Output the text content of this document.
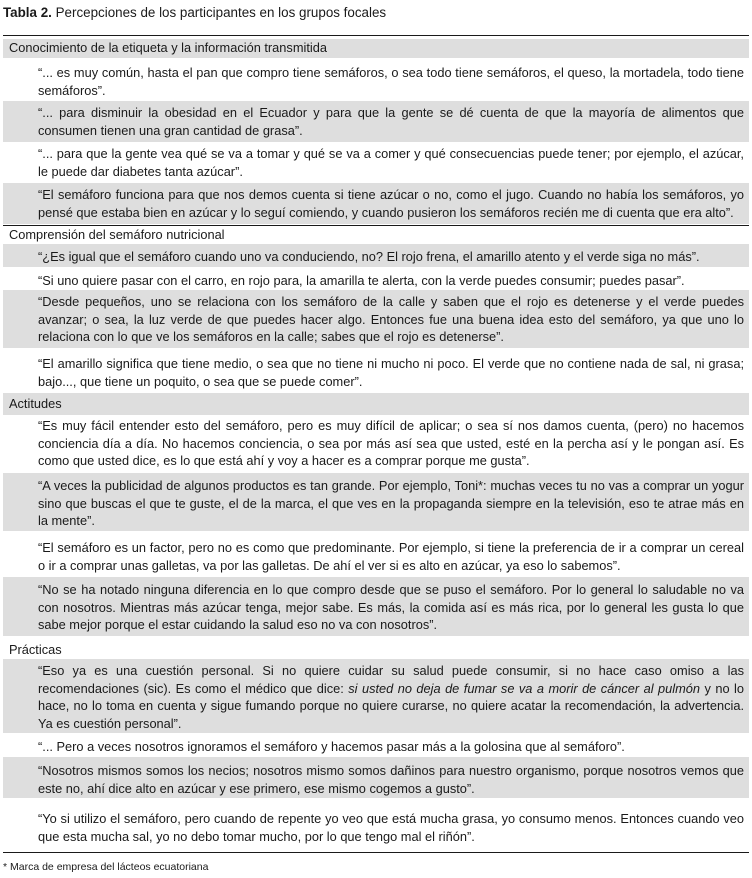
Tabla 2. Percepciones de los participantes en los grupos focales
Conocimiento de la etiqueta y la información transmitida
“... es muy común, hasta el pan que compro tiene semáforos, o sea todo tiene semáforos, el queso, la mortadela, todo tiene semáforos”.
“... para disminuir la obesidad en el Ecuador y para que la gente se dé cuenta de que la mayoría de alimentos que consumen tienen una gran cantidad de grasa”.
“... para que la gente vea qué se va a tomar y qué se va a comer y qué consecuencias puede tener; por ejemplo, el azúcar, le puede dar diabetes tanta azúcar”.
“El semáforo funciona para que nos demos cuenta si tiene azúcar o no, como el jugo. Cuando no había los semáforos, yo pensé que estaba bien en azúcar y lo seguí comiendo, y cuando pusieron los semáforos recién me di cuenta que era alto”.
Comprensión del semáforo nutricional
“¿Es igual que el semáforo cuando uno va conduciendo, no? El rojo frena, el amarillo atento y el verde siga no más”.
“Si uno quiere pasar con el carro, en rojo para, la amarilla te alerta, con la verde puedes consumir; puedes pasar”.
“Desde pequeños, uno se relaciona con los semáforo de la calle y saben que el rojo es detenerse y el verde puedes avanzar; o sea, la luz verde de que puedes hacer algo. Entonces fue una buena idea esto del semáforo, ya que uno lo relaciona con lo que ve los semáforos en la calle; sabes que el rojo es detenerse”.
“El amarillo significa que tiene medio, o sea que no tiene ni mucho ni poco. El verde que no contiene nada de sal, ni grasa; bajo..., que tiene un poquito, o sea que se puede comer”.
Actitudes
“Es muy fácil entender esto del semáforo, pero es muy difícil de aplicar; o sea sí nos damos cuenta, (pero) no hacemos conciencia día a día. No hacemos conciencia, o sea por más así sea que usted, esté en la percha así y le pongan así. Es como que usted dice, es lo que está ahí y voy a hacer es a comprar porque me gusta”.
“A veces la publicidad de algunos productos es tan grande. Por ejemplo, Toni*: muchas veces tu no vas a comprar un yogur sino que buscas el que te guste, el de la marca, el que ves en la propaganda siempre en la televisión, eso te atrae más en la mente”.
“El semáforo es un factor, pero no es como que predominante. Por ejemplo, si tiene la preferencia de ir a comprar un cereal o ir a comprar unas galletas, va por las galletas. De ahí el ver si es alto en azúcar, ya eso lo sabemos”.
“No se ha notado ninguna diferencia en lo que compro desde que se puso el semáforo. Por lo general lo saludable no va con nosotros. Mientras más azúcar tenga, mejor sabe. Es más, la comida así es más rica, por lo general les gusta lo que sabe mejor porque el estar cuidando la salud eso no va con nosotros”.
Prácticas
“Eso ya es una cuestión personal. Si no quiere cuidar su salud puede consumir, si no hace caso omiso a las recomendaciones (sic). Es como el médico que dice: si usted no deja de fumar se va a morir de cáncer al pulmón y no lo hace, no lo toma en cuenta y sigue fumando porque no quiere curarse, no quiere acatar la recomendación, la advertencia. Ya es cuestión personal”.
“... Pero a veces nosotros ignoramos el semáforo y hacemos pasar más a la golosina que al semáforo”.
“Nosotros mismos somos los necios; nosotros mismo somos dañinos para nuestro organismo, porque nosotros vemos que este no, ahí dice alto en azúcar y ese primero, ese mismo cogemos a gusto”.
“Yo si utilizo el semáforo, pero cuando de repente yo veo que está mucha grasa, yo consumo menos. Entonces cuando veo que esta mucha sal, yo no debo tomar mucho, por lo que tengo mal el riñón”.
* Marca de empresa del lácteos ecuatoriana
